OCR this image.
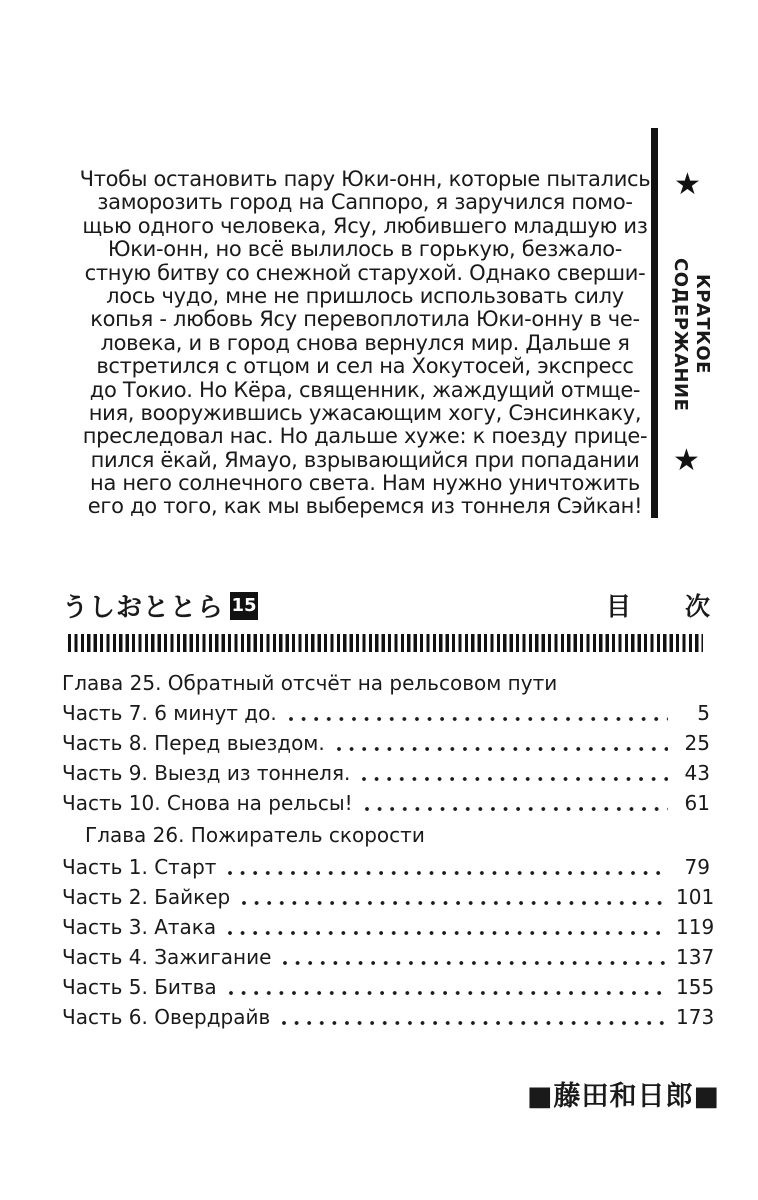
Чтобы остановить пару Юки-онн, которые пытались
заморозить город на Саппоро, я заручился помо-
щью одного человека, Ясу, любившего младшую из
Юки-онн, но всё вылилось в горькую, безжало-
стную битву со снежной старухой. Однако сверши-
лось чудо, мне не пришлось использовать силу
копья - любовь Ясу перевоплотила Юки-онну в че-
ловека, и в город снова вернулся мир. Дальше я
встретился с отцом и сел на Хокутосей, экспресс
до Токио. Но Кёра, священник, жаждущий отмще-
ния, вооружившись ужасающим хогу, Сэнсинкаку,
преследовал нас. Но дальше хуже: к поезду прице-
пился ёкай, Ямауо, взрывающийся при попадании
на него солнечного света. Нам нужно уничтожить
его до того, как мы выберемся из тоннеля Сэйкан!
★
КРАТКОЕ
СОДЕРЖАНИЕ
★
うしおととら 15	目 次
Глава 25. Обратный отсчёт на рельсовом пути
Часть 7. 6 минут до.	5
Часть 8. Перед выездом.	25
Часть 9. Выезд из тоннеля.	43
Часть 10. Снова на рельсы!	61
Глава 26. Пожиратель скорости
Часть 1. Старт	79
Часть 2. Байкер	101
Часть 3. Атака	119
Часть 4. Зажигание	137
Часть 5. Битва	155
Часть 6. Овердрайв	173
■藤田和日郎■
